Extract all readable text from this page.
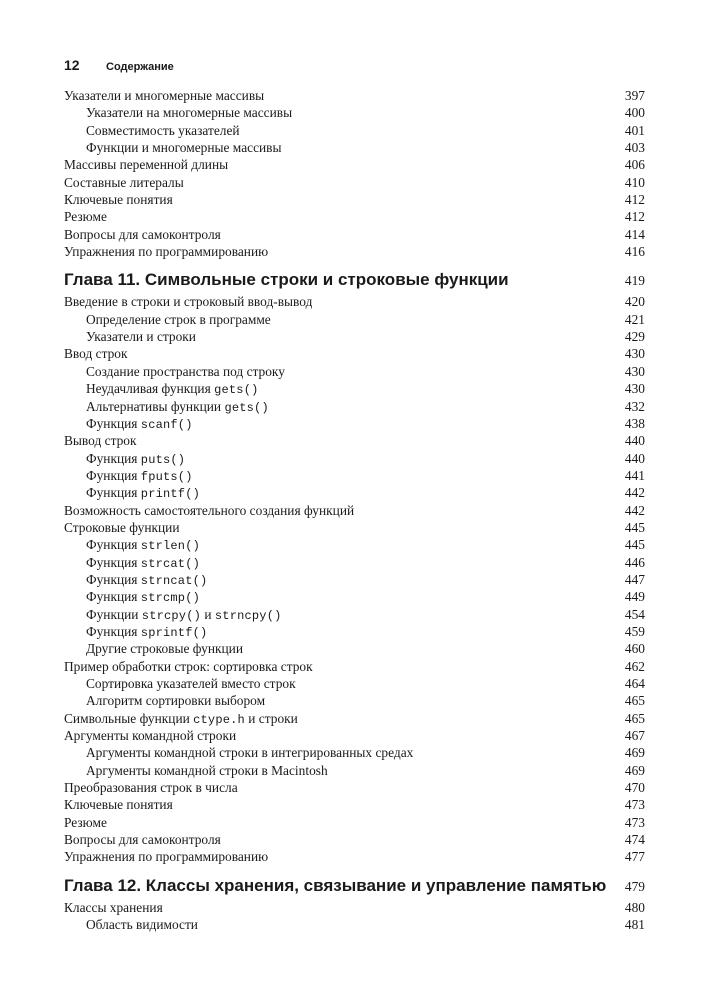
12	Содержание
Указатели и многомерные массивы	397
Указатели на многомерные массивы	400
Совместимость указателей	401
Функции и многомерные массивы	403
Массивы переменной длины	406
Составные литералы	410
Ключевые понятия	412
Резюме	412
Вопросы для самоконтроля	414
Упражнения по программированию	416
Глава 11. Символьные строки и строковые функции	419
Введение в строки и строковый ввод-вывод	420
Определение строк в программе	421
Указатели и строки	429
Ввод строк	430
Создание пространства под строку	430
Неудачливая функция gets()	430
Альтернативы функции gets()	432
Функция scanf()	438
Вывод строк	440
Функция puts()	440
Функция fputs()	441
Функция printf()	442
Возможность самостоятельного создания функций	442
Строковые функции	445
Функция strlen()	445
Функция strcat()	446
Функция strncat()	447
Функция strcmp()	449
Функции strcpy() и strncpy()	454
Функция sprintf()	459
Другие строковые функции	460
Пример обработки строк: сортировка строк	462
Сортировка указателей вместо строк	464
Алгоритм сортировки выбором	465
Символьные функции ctype.h и строки	465
Аргументы командной строки	467
Аргументы командной строки в интегрированных средах	469
Аргументы командной строки в Macintosh	469
Преобразования строк в числа	470
Ключевые понятия	473
Резюме	473
Вопросы для самоконтроля	474
Упражнения по программированию	477
Глава 12. Классы хранения, связывание и управление памятью 479
Классы хранения	480
Область видимости	481
